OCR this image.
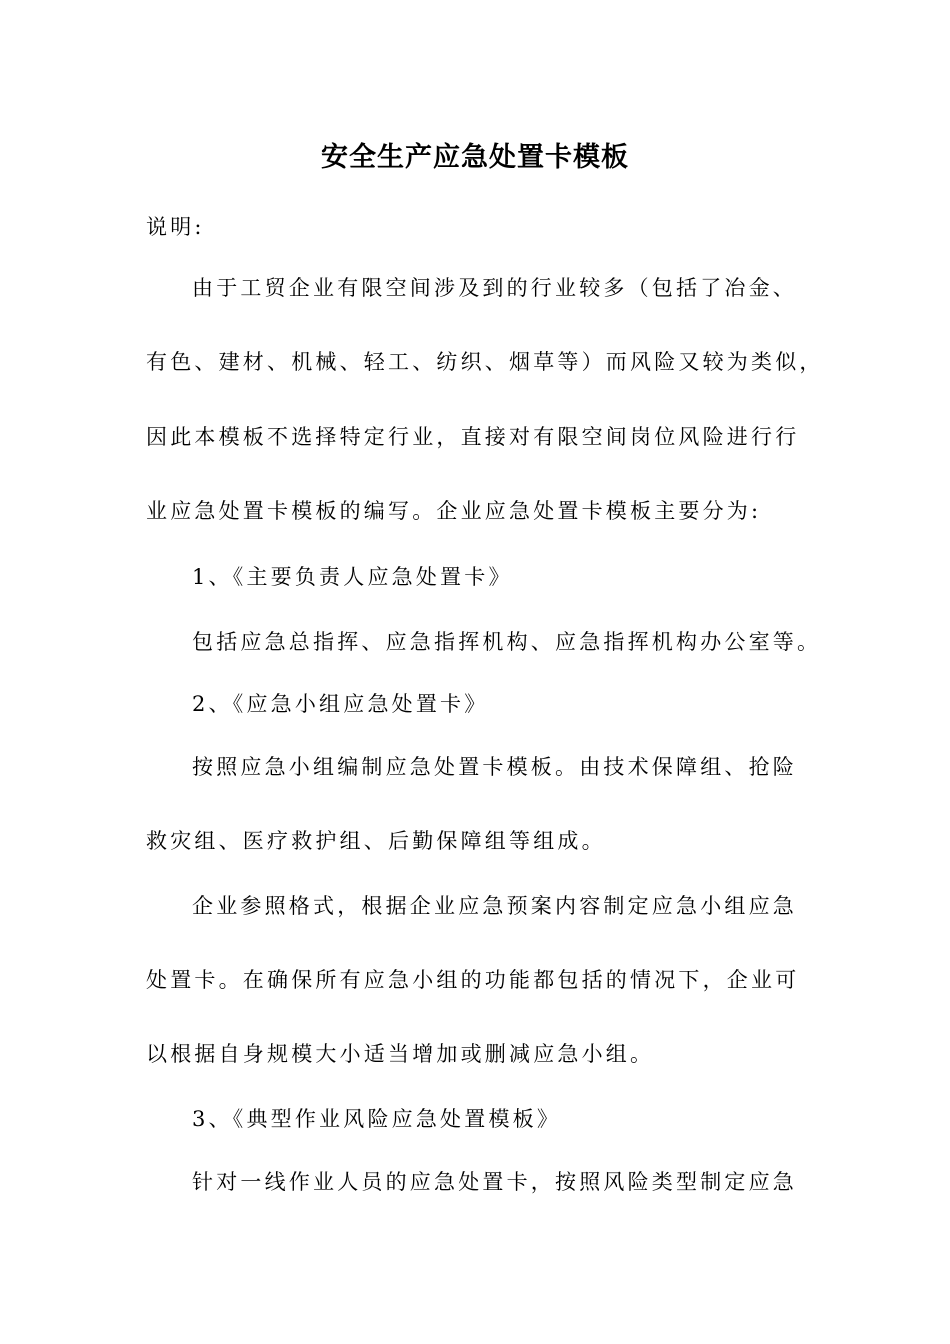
安全生产应急处置卡模板
说明:
由于工贸企业有限空间涉及到的行业较多（包括了冶金、
有色、建材、机械、轻工、纺织、烟草等）而风险又较为类似，
因此本模板不选择特定行业，直接对有限空间岗位风险进行行
业应急处置卡模板的编写。企业应急处置卡模板主要分为:
1、《主要负责人应急处置卡》
包括应急总指挥、应急指挥机构、应急指挥机构办公室等。
2、《应急小组应急处置卡》
按照应急小组编制应急处置卡模板。由技术保障组、抢险
救灾组、医疗救护组、后勤保障组等组成。
企业参照格式，根据企业应急预案内容制定应急小组应急
处置卡。在确保所有应急小组的功能都包括的情况下，企业可
以根据自身规模大小适当增加或删减应急小组。
3、《典型作业风险应急处置模板》
针对一线作业人员的应急处置卡，按照风险类型制定应急
